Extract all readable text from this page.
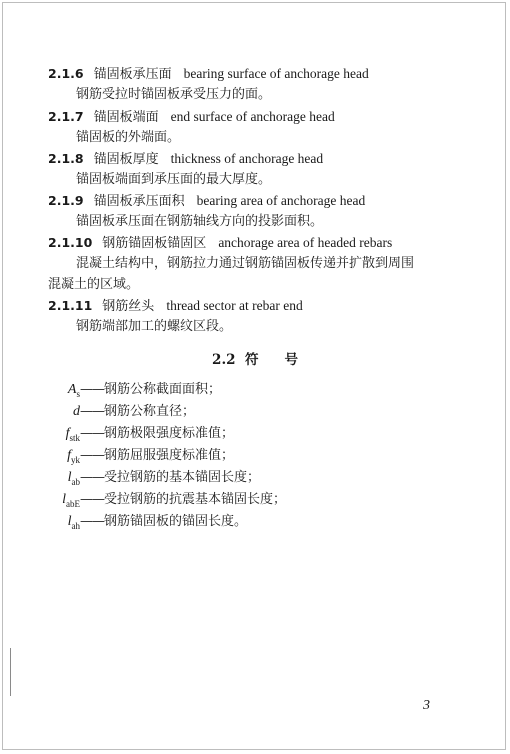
2.1.6 锚固板承压面 bearing surface of anchorage head
钢筋受拉时锚固板承受压力的面。
2.1.7 锚固板端面 end surface of anchorage head
锚固板的外端面。
2.1.8 锚固板厚度 thickness of anchorage head
锚固板端面到承压面的最大厚度。
2.1.9 锚固板承压面积 bearing area of anchorage head
锚固板承压面在钢筋轴线方向的投影面积。
2.1.10 钢筋锚固板锚固区 anchorage area of headed rebars
混凝土结构中，钢筋拉力通过钢筋锚固板传递并扩散到周围
混凝土的区域。
2.1.11 钢筋丝头 thread sector at rebar end
钢筋端部加工的螺纹区段。
2.2 符 号
$A_s——$钢筋公称截面面积；
d——钢筋公称直径；
$f_{stk}——$钢筋极限强度标准值；
$f_{yk}——$钢筋屈服强度标准值；
$l_{ab}——$受拉钢筋的基本锚固长度；
$l_{abE}——$受拉钢筋的抗震基本锚固长度；
$l_{ah}——$钢筋锚固板的锚固长度。
3
